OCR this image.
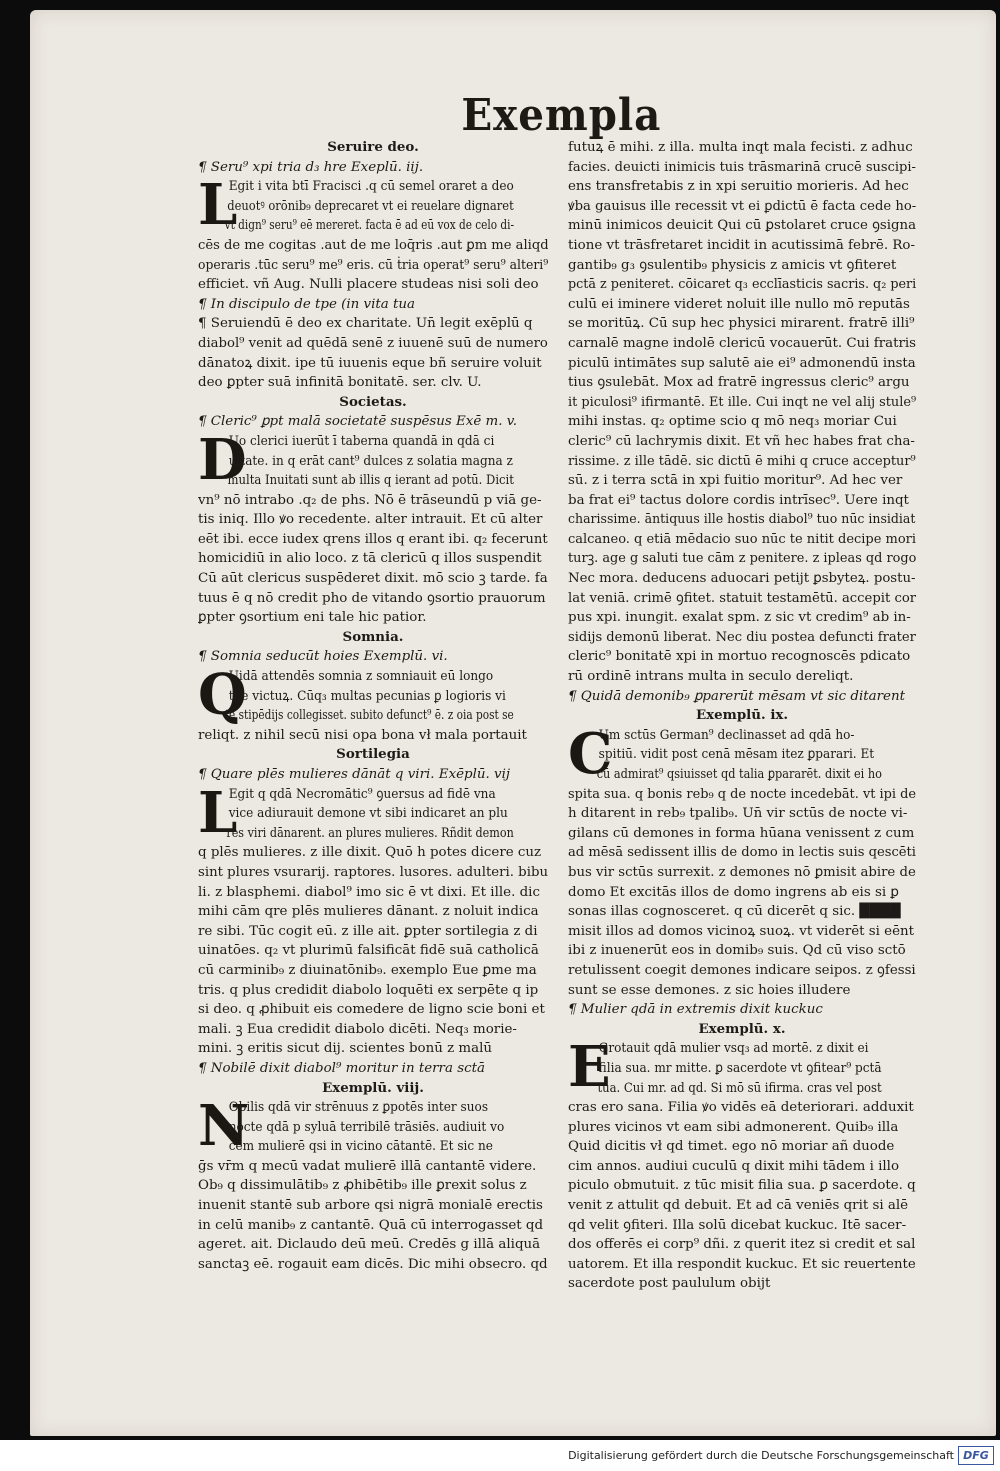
Exempla
Seruire deo.
¶ Seru⁹ xpi tria d₃ hre Exeplū. iij.
L
Egit i vita btī Fracisci .q cū semel oraret a deo
deuotꝰ orōnib₉ deprecaret vt ei reuelare dignaret
vt dign⁹ seru⁹ eē mereret. facta ē ad eū vox de celo di-
cēs de me cogitas .aut de me loq̄ris .aut ꝑm me aliqd
operaris .tūc seru⁹ me⁹ eris. cū ṫria operat⁹ seru⁹ alteri⁹
efficiet. vñ Aug. Nulli placere studeas nisi soli deo
¶ In discipulo de tpe (in vita tua
¶ Seruiendū ē deo ex charitate. Un̄ legit exēplū q
diabol⁹ venit ad quēdā senē z iuuenē suū de numero
dānatoꝝ dixit. ipe tū iuuenis eque bñ seruire voluit
deo ꝑpter suā infinitā bonitatē. ser. clv. U.
Societas.
¶ Cleric⁹ ꝑpt malā societatē suspēsus Exē m. v.
D
Uo clerici iuerūt ī taberna quandā in qdā ci
uitate. in q erāt cant⁹ dulces z solatia magna z
multa Inuitati sunt ab illis q ierant ad potū. Dicit
vn⁹ nō intrabo .q₂ de phs. Nō ē trāseundū p viā ge-
tis iniq. Illo ꝟo recedente. alter intrauit. Et cū alter
eēt ibi. ecce iudex qrens illos q erant ibi. q₂ fecerunt
homicidiū in alio loco. z tā clericū q illos suspendit
Cū aūt clericus suspēderet dixit. mō scio ꝫ tarde. fa
tuus ē q nō credit pho de vitando ꝯsortio prauorum
ꝑpter ꝯsortium eni tale hic patior.
Somnia.
¶ Somnia seducūt hoies Exemplū. vi.
Q
Uidā attendēs somnia z somniauit eū longo
tpe victuꝝ. Cūq₃ multas pecunias ꝑ logioris vi
te stipēdijs collegisset. subito defunct⁹ ē. z oia post se
reliqt. z nihil secū nisi opa bona vł mala portauit
Sortilegia
¶ Quare plēs mulieres dānāt q viri. Exēplū. vij
L
Egit q qdā Necromātic⁹ ꝯuersus ad fidē vna
vice adiurauit demone vt sibi indicaret an plu
res viri dānarent. an plures mulieres. Rñdit demon
q plēs mulieres. z ille dixit. Quō h potes dicere cuz
sint plures vsurarij. raptores. lusores. adulteri. bibu
li. z blasphemi. diabol⁹ imo sic ē vt dixi. Et ille. dic
mihi cām qre plēs mulieres dānant. z noluit indica
re sibi. Tūc cogit eū. z ille ait. ꝑpter sortilegia z di
uinatōes. q₂ vt plurimū falsificāt fidē suā catholicā
cū carminib₉ z diuinatōnib₉. exemplo Eue ꝑme ma
tris. q plus credidit diabolo loquēti ex serpēte q ip
si deo. q ꝓhibuit eis comedere de ligno scie boni et
mali. ꝫ Eua credidit diabolo dicēti. Neq₃ morie-
mini. ꝫ eritis sicut dij. scientes bonū z malū
¶ Nobilē dixit diabol⁹ moritur in terra sctā
Exemplū. viij.
N
Obilis qdā vir strēnuus z ꝑpotēs inter suos
nocte qdā p syluā terribilē trāsiēs. audiuit vo
cem mulierē qsi in vicino cātantē. Et sic ne
ḡs vr̄m q mecū vadat mulierē illā cantantē videre.
Ob₉ q dissimulātib₉ z ꝓhibētib₉ ille ꝑrexit solus z
inuenit stantē sub arbore qsi nigrā monialē erectis
in celū manib₉ z cantantē. Quā cū interrogasset qd
ageret. ait. Diclaudo deū meū. Credēs g illā aliquā
sanctaꝫ eē. rogauit eam dicēs. Dic mihi obsecro. qd
futuꝝ ē mihi. z illa. multa inqt mala fecisti. z adhuc
facies. deuicti inimicis tuis trāsmarinā crucē suscipi-
ens transfretabis z in xpi seruitio morieris. Ad hec
ꝟba gauisus ille recessit vt ei ꝑdictū ē facta cede ho-
minū inimicos deuicit Qui cū ꝑstolaret cruce ꝯsigna
tione vt trāsfretaret incidit in acutissimā febrē. Ro-
gantib₉ g₃ ꝯsulentib₉ physicis z amicis vt ꝯfiteret
pctā z peniteret. cōicaret q₃ ecclīasticis sacris. q₂ peri
culū ei iminere videret noluit ille nullo mō reputās
se moritūꝝ. Cū sup hec physici mirarent. fratrē illi⁹
carnalē magne indolē clericū vocauerūt. Cui fratris
piculū intimātes sup salutē aie ei⁹ admonendū insta
tius ꝯsulebāt. Mox ad fratrē ingressus cleric⁹ argu
it piculosi⁹ ifirmantē. Et ille. Cui inqt ne vel alij stule⁹
mihi instas. q₂ optime scio q mō neq₃ moriar Cui
cleric⁹ cū lachrymis dixit. Et vñ hec habes frat cha-
rissime. z ille tādē. sic dictū ē mihi q cruce acceptur⁹
sū. z i terra sctā in xpi fuitio moritur⁹. Ad hec ver
ba frat ei⁹ tactus dolore cordis intrīsec⁹. Uere inqt
charissime. āntiquus ille hostis diabol⁹ tuo nūc insidiat
calcaneo. q etiā mēdacio suo nūc te nitit decipe mori
turꝫ. age g saluti tue cām z penitere. z ipleas qd rogo
Nec mora. deducens aduocari petijt ꝑsbyteꝝ. postu-
lat veniā. crimē ꝯfitet. statuit testamētū. accepit cor
pus xpi. inungit. exalat spm. z sic vt credim⁹ ab in-
sidijs demonū liberat. Nec diu postea defuncti frater
cleric⁹ bonitatē xpi in mortuo recognoscēs pdicato
rū ordinē intrans multa in seculo dereliqt.
¶ Quidā demonib₉ ꝑparerūt mēsam vt sic ditarent
Exemplū. ix.
C
Um sctūs German⁹ declinasset ad qdā ho-
spitiū. vidit post cenā mēsam itez ꝑparari. Et
cū admirat⁹ qsiuisset qd talia ꝑpararēt. dixit ei ho
spita sua. q bonis reb₉ q de nocte incedebāt. vt ipi de
h ditarent in reb₉ tpalib₉. Un̄ vir sctūs de nocte vi-
gilans cū demones in forma hūana venissent z cum
ad mēsā sedissent illis de domo in lectis suis qescēti
bus vir sctūs surrexit. z demones nō ꝑmisit abire de
domo Et excitās illos de domo ingrens ab eis si ꝑ
sonas illas cognosceret. q cū dicerēt q sic. ████
misit illos ad domos vicinoꝝ suoꝝ. vt viderēt si eēnt
ibi z inuenerūt eos in domib₉ suis. Qd cū viso sctō
retulissent coegit demones indicare seipos. z ꝯfessi
sunt se esse demones. z sic hoies illudere
¶ Mulier qdā in extremis dixit kuckuc
Exemplū. x.
E
Grotauit qdā mulier vsq₃ ad mortē. z dixit ei
filia sua. mr mitte. ꝑ sacerdote vt ꝯfitear⁹ pctā
tua. Cui mr. ad qd. Si mō sū ifirma. cras vel post
cras ero sana. Filia ꝟo vidēs eā deteriorari. adduxit
plures vicinos vt eam sibi admonerent. Quib₉ illa
Quid dicitis vł qd timet. ego nō moriar añ duode
cim annos. audiui cuculū q dixit mihi tādem i illo
piculo obmutuit. z tūc misit filia sua. ꝑ sacerdote. q
venit z attulit qd debuit. Et ad cā veniēs qrit si alē
qd velit ꝯfiteri. Illa solū dicebat kuckuc. Itē sacer-
dos offerēs ei corp⁹ dñi. z querit itez si credit et sal
uatorem. Et illa respondit kuckuc. Et sic reuertente
sacerdote post paululum obijt
Digitalisierung gefördert durch die Deutsche Forschungsgemeinschaft DFG
